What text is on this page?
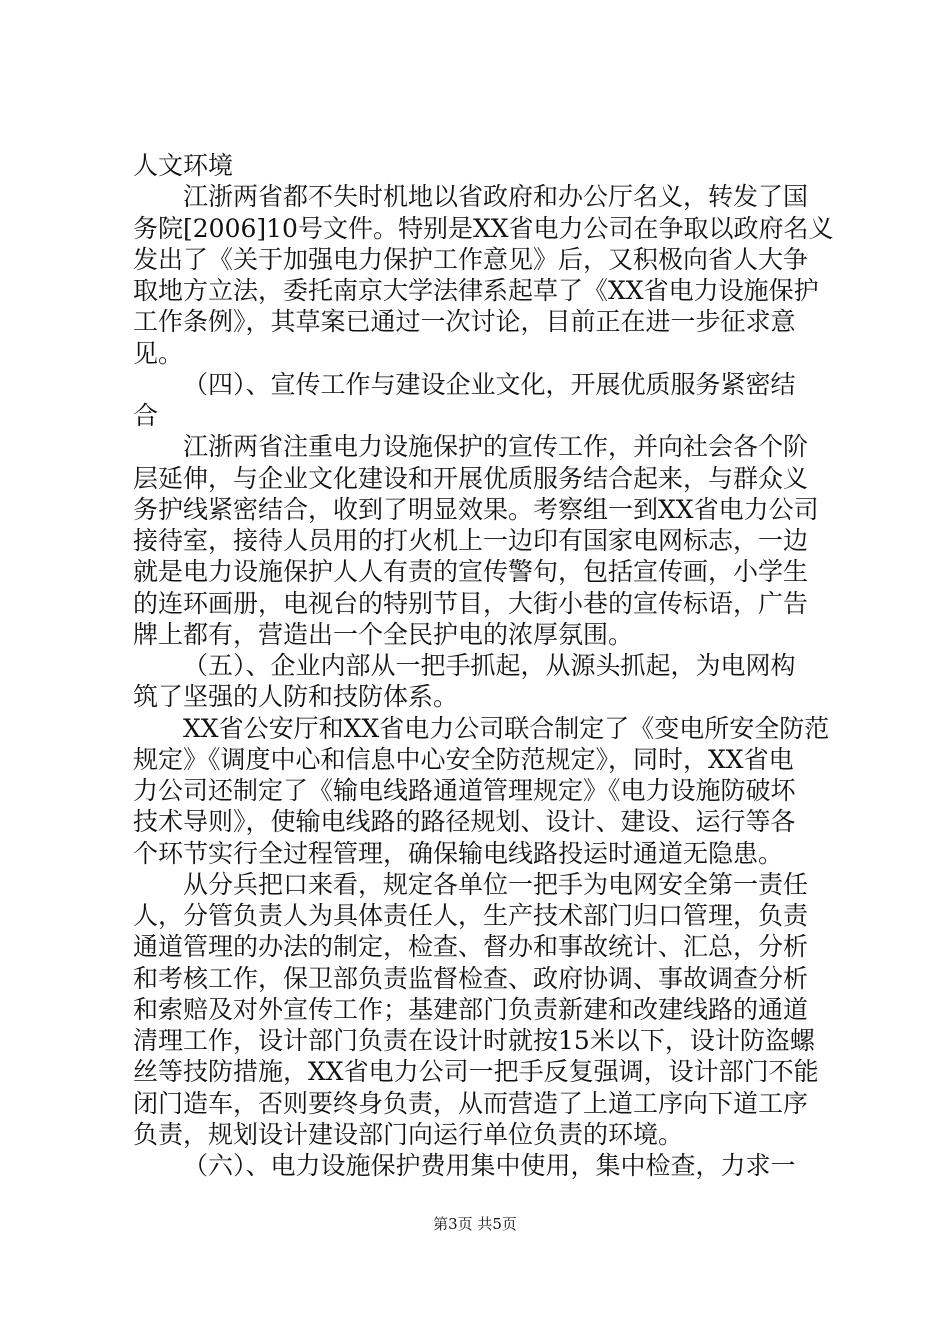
人文环境
江浙两省都不失时机地以省政府和办公厅名义，转发了国
务院[2006]10号文件。特别是XX省电力公司在争取以政府名义
发出了《关于加强电力保护工作意见》后，又积极向省人大争
取地方立法，委托南京大学法律系起草了《XX省电力设施保护
工作条例》，其草案已通过一次讨论，目前正在进一步征求意
见。
（四）、宣传工作与建设企业文化，开展优质服务紧密结
合
江浙两省注重电力设施保护的宣传工作，并向社会各个阶
层延伸，与企业文化建设和开展优质服务结合起来，与群众义
务护线紧密结合，收到了明显效果。考察组一到XX省电力公司
接待室，接待人员用的打火机上一边印有国家电网标志，一边
就是电力设施保护人人有责的宣传警句，包括宣传画，小学生
的连环画册，电视台的特别节目，大街小巷的宣传标语，广告
牌上都有，营造出一个全民护电的浓厚氛围。
（五）、企业内部从一把手抓起，从源头抓起，为电网构
筑了坚强的人防和技防体系。
XX省公安厅和XX省电力公司联合制定了《变电所安全防范
规定》《调度中心和信息中心安全防范规定》，同时，XX省电
力公司还制定了《输电线路通道管理规定》《电力设施防破坏
技术导则》，使输电线路的路径规划、设计、建设、运行等各
个环节实行全过程管理，确保输电线路投运时通道无隐患。
从分兵把口来看，规定各单位一把手为电网安全第一责任
人，分管负责人为具体责任人，生产技术部门归口管理，负责
通道管理的办法的制定，检查、督办和事故统计、汇总，分析
和考核工作，保卫部负责监督检查、政府协调、事故调查分析
和索赔及对外宣传工作；基建部门负责新建和改建线路的通道
清理工作，设计部门负责在设计时就按15米以下，设计防盗螺
丝等技防措施，XX省电力公司一把手反复强调，设计部门不能
闭门造车，否则要终身负责，从而营造了上道工序向下道工序
负责，规划设计建设部门向运行单位负责的环境。
（六）、电力设施保护费用集中使用，集中检查，力求一
第3页 共5页
